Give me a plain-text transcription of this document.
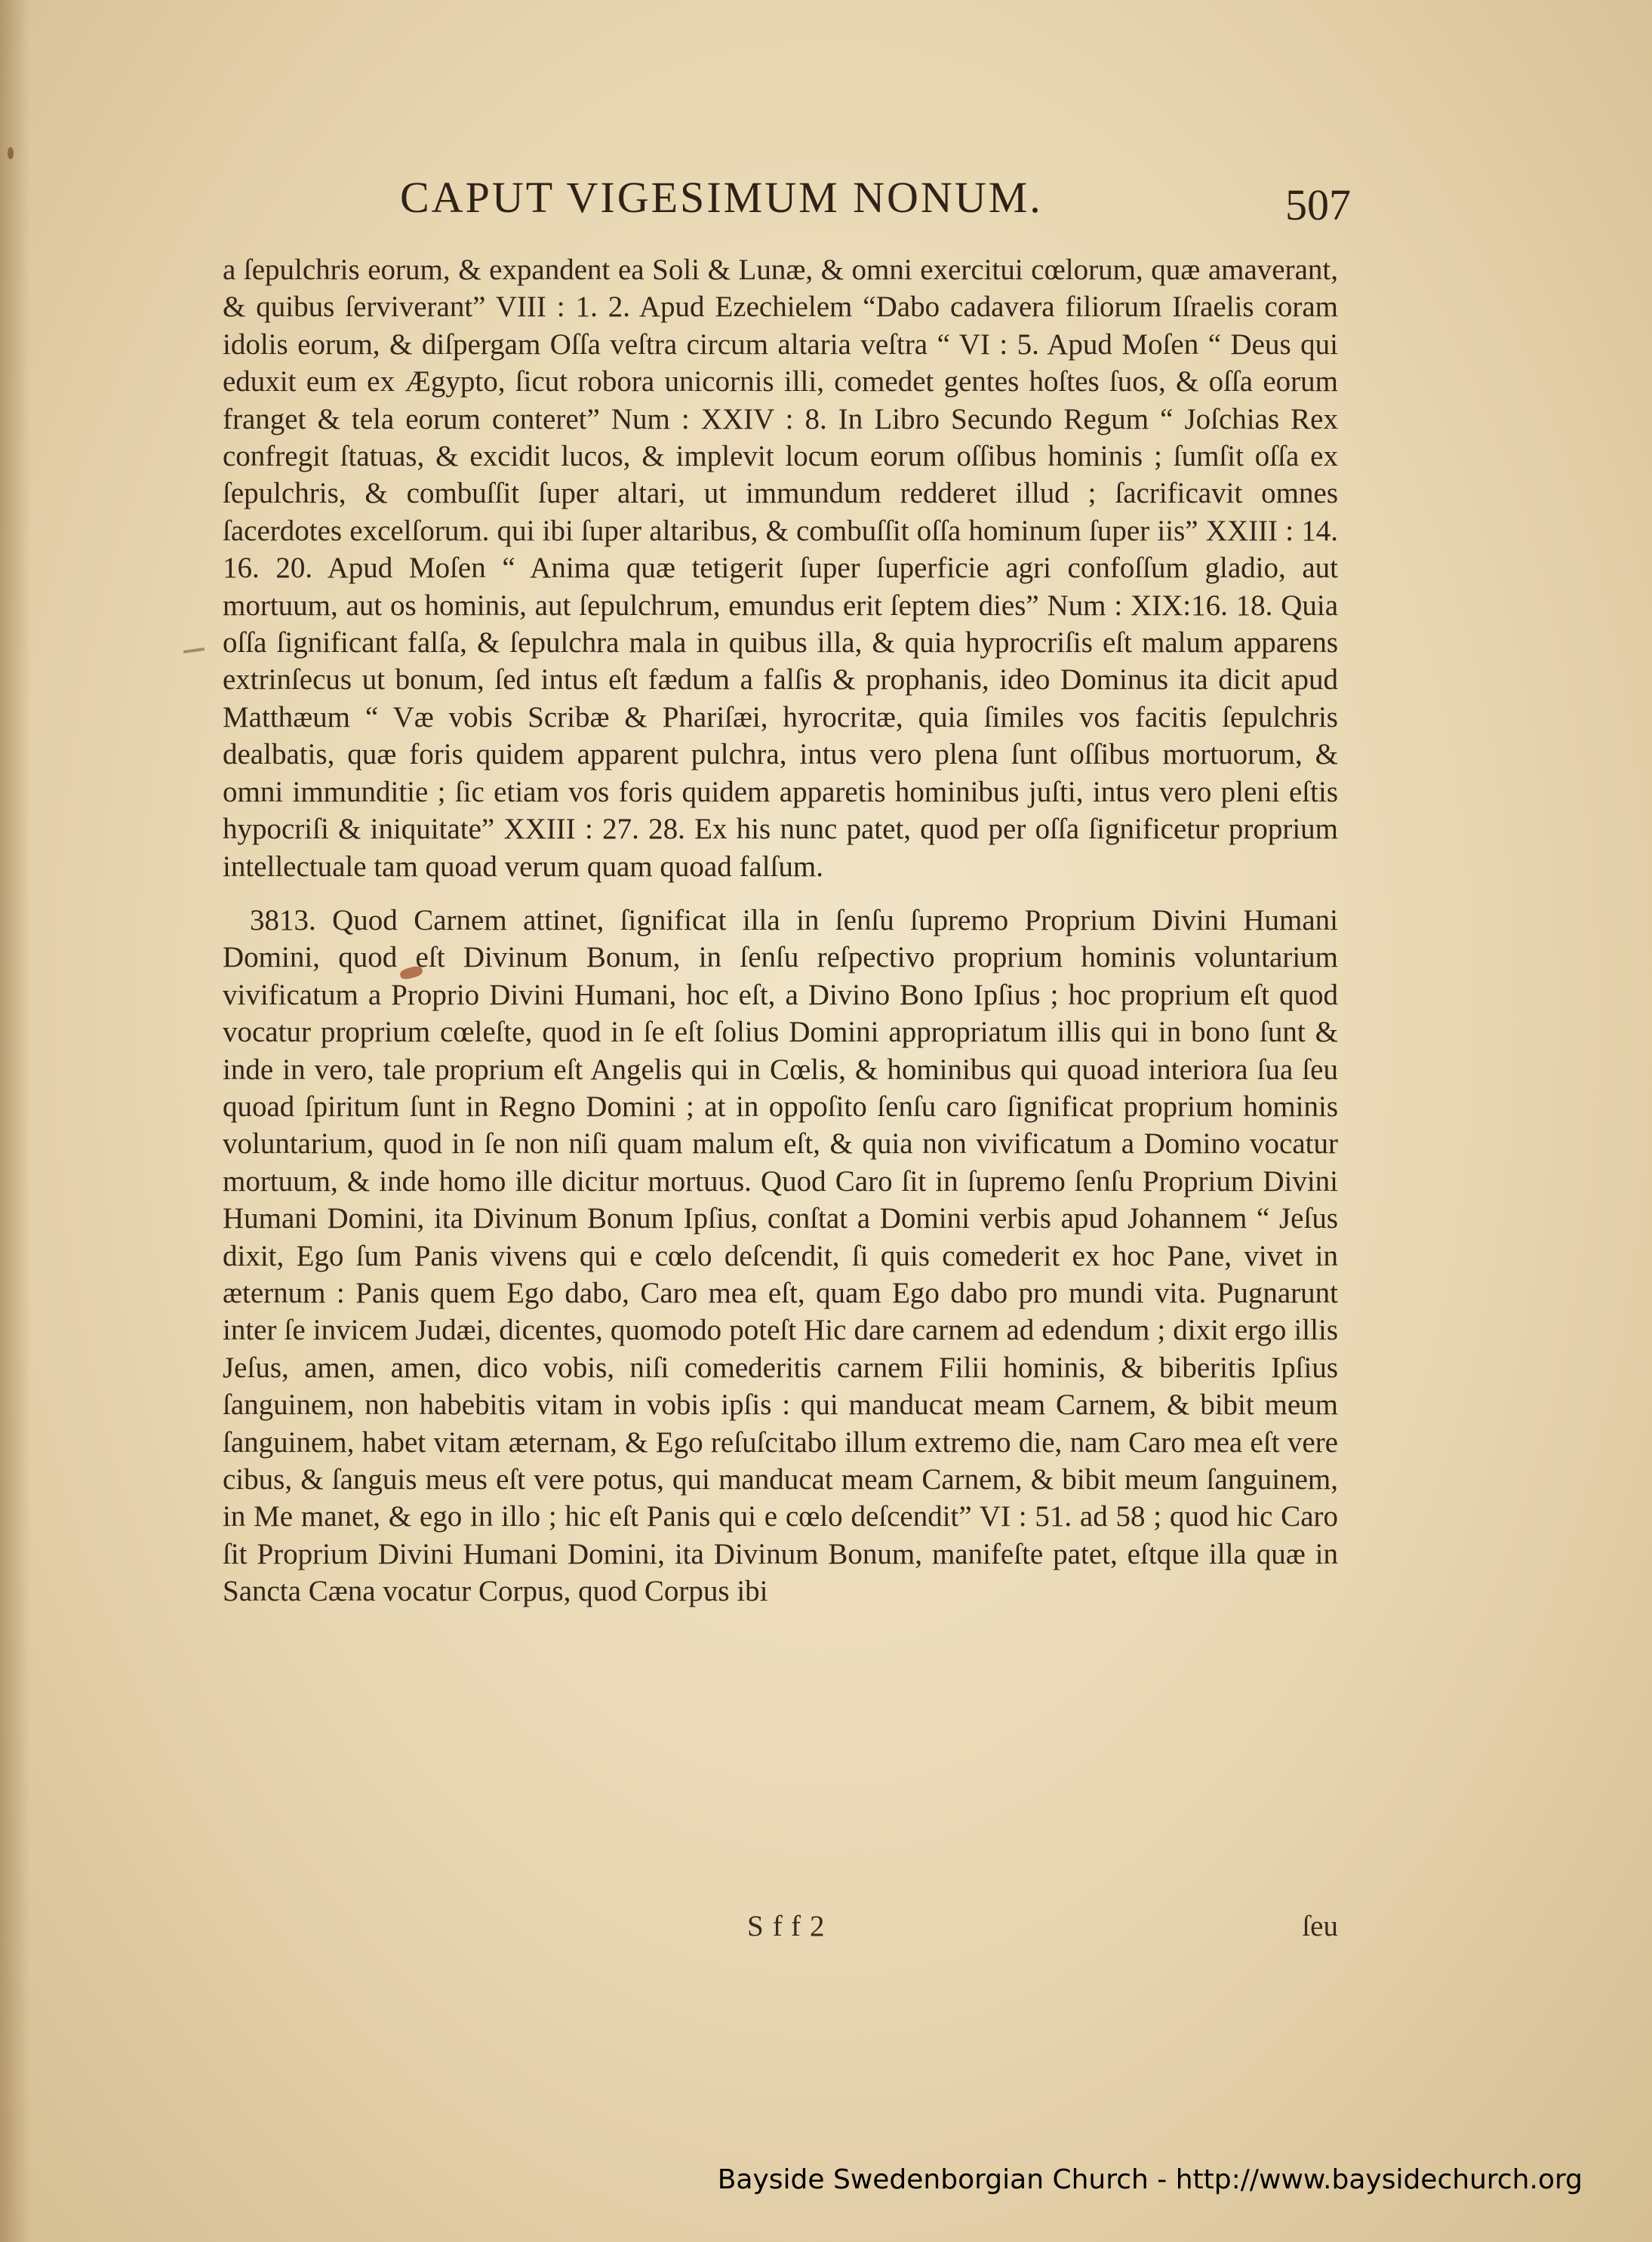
CAPUT VIGESIMUM NONUM.	507

a ſepulchris eorum, & expandent ea Soli & Lunæ, & omni exercitui cœlorum, quæ amaverant, & quibus ſerviverant” VIII : 1. 2. Apud Ezechielem “Dabo cadavera filiorum Iſraelis coram idolis eorum, & diſpergam Oſſa veſtra circum altaria veſtra “ VI : 5. Apud Moſen “ Deus qui eduxit eum ex Ægypto, ſicut robora unicornis illi, comedet gentes hoſtes ſuos, & oſſa eorum franget & tela eorum conteret” Num : XXIV : 8. In Libro Secundo Regum “ Joſchias Rex confregit ſtatuas, & excidit lucos, & implevit locum eorum oſſibus hominis ; ſumſit oſſa ex ſepulchris, & combuſſit ſuper altari, ut immundum redderet illud ; ſacrificavit omnes ſacerdotes excelſorum. qui ibi ſuper altaribus, & combuſſit oſſa hominum ſuper iis” XXIII : 14. 16. 20. Apud Moſen “ Anima quæ tetigerit ſuper ſuperficie agri confoſſum gladio, aut mortuum, aut os hominis, aut ſepulchrum, emundus erit ſeptem dies” Num : XIX:16. 18. Quia oſſa ſignificant falſa, & ſepulchra mala in quibus illa, & quia hyprocriſis eſt malum apparens extrinſecus ut bonum, ſed intus eſt fædum a falſis & prophanis, ideo Dominus ita dicit apud Matthæum “ Væ vobis Scribæ & Phariſæi, hyrocritæ, quia ſimiles vos facitis ſepulchris dealbatis, quæ foris quidem apparent pulchra, intus vero plena ſunt oſſibus mortuorum, & omni immunditie ; ſic etiam vos foris quidem apparetis hominibus juſti, intus vero pleni eſtis hypocriſi & iniquitate” XXIII : 27. 28. Ex his nunc patet, quod per oſſa ſignificetur proprium intellectuale tam quoad verum quam quoad falſum.

3813. Quod Carnem attinet, ſignificat illa in ſenſu ſupremo Proprium Divini Humani Domini, quod eſt Divinum Bonum, in ſenſu reſpectivo proprium hominis voluntarium vivificatum a Proprio Divini Humani, hoc eſt, a Divino Bono Ipſius ; hoc proprium eſt quod vocatur proprium cœleſte, quod in ſe eſt ſolius Domini appropriatum illis qui in bono ſunt & inde in vero, tale proprium eſt Angelis qui in Cœlis, & hominibus qui quoad interiora ſua ſeu quoad ſpiritum ſunt in Regno Domini ; at in oppoſito ſenſu caro ſignificat proprium hominis voluntarium, quod in ſe non niſi quam malum eſt, & quia non vivificatum a Domino vocatur mortuum, & inde homo ille dicitur mortuus. Quod Caro ſit in ſupremo ſenſu Proprium Divini Humani Domini, ita Divinum Bonum Ipſius, conſtat a Domini verbis apud Johannem “ Jeſus dixit, Ego ſum Panis vivens qui e cœlo deſcendit, ſi quis comederit ex hoc Pane, vivet in æternum : Panis quem Ego dabo, Caro mea eſt, quam Ego dabo pro mundi vita. Pugnarunt inter ſe invicem Judæi, dicentes, quomodo poteſt Hic dare carnem ad edendum ; dixit ergo illis Jeſus, amen, amen, dico vobis, niſi comederitis carnem Filii hominis, & biberitis Ipſius ſanguinem, non habebitis vitam in vobis ipſis : qui manducat meam Carnem, & bibit meum ſanguinem, habet vitam æternam, & Ego reſuſcitabo illum extremo die, nam Caro mea eſt vere cibus, & ſanguis meus eſt vere potus, qui manducat meam Carnem, & bibit meum ſanguinem, in Me manet, & ego in illo ; hic eſt Panis qui e cœlo deſcendit” VI : 51. ad 58 ; quod hic Caro ſit Proprium Divini Humani Domini, ita Divinum Bonum, manifeſte patet, eſtque illa quæ in Sancta Cæna vocatur Corpus, quod Corpus ibi

Sff2	ſeu
Bayside Swedenborgian Church - http://www.baysidechurch.org
